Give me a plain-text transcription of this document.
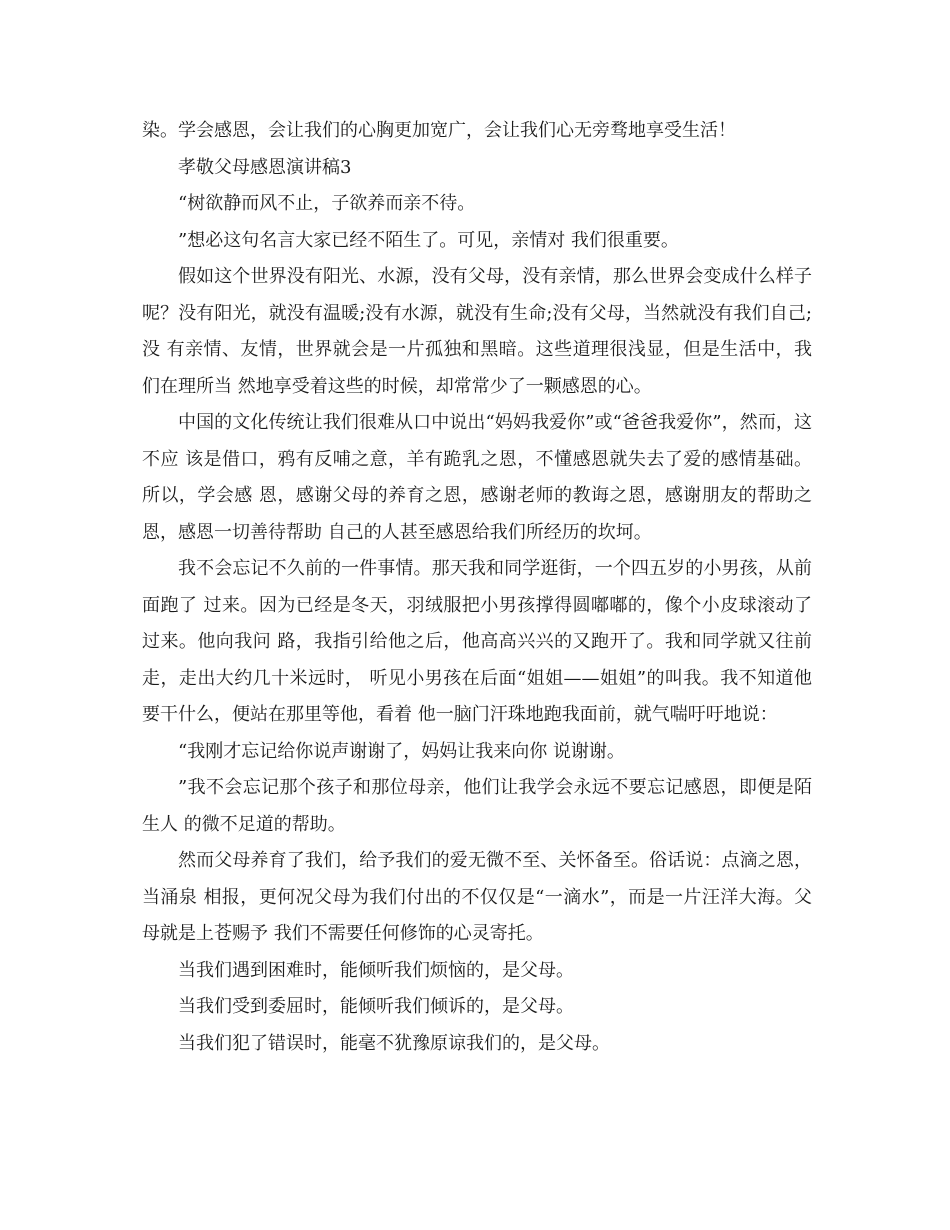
染。学会感恩，会让我们的心胸更加宽广，会让我们心无旁骛地享受生活！

孝敬父母感恩演讲稿3

“树欲静而风不止，子欲养而亲不待。

”想必这句名言大家已经不陌生了。可见，亲情对 我们很重要。

假如这个世界没有阳光、水源，没有父母，没有亲情，那么世界会变成什么样子呢？没有阳光，就没有温暖;没有水源，就没有生命;没有父母，当然就没有我们自己;没 有亲情、友情，世界就会是一片孤独和黑暗。这些道理很浅显，但是生活中，我们在理所当 然地享受着这些的时候，却常常少了一颗感恩的心。

中国的文化传统让我们很难从口中说出“妈妈我爱你”或“爸爸我爱你”，然而，这不应 该是借口，鸦有反哺之意，羊有跪乳之恩，不懂感恩就失去了爱的感情基础。所以，学会感 恩，感谢父母的养育之恩，感谢老师的教诲之恩，感谢朋友的帮助之恩，感恩一切善待帮助 自己的人甚至感恩给我们所经历的坎坷。

我不会忘记不久前的一件事情。那天我和同学逛街，一个四五岁的小男孩，从前面跑了 过来。因为已经是冬天，羽绒服把小男孩撑得圆嘟嘟的，像个小皮球滚动了过来。他向我问 路，我指引给他之后，他高高兴兴的又跑开了。我和同学就又往前走，走出大约几十米远时， 听见小男孩在后面“姐姐——姐姐”的叫我。我不知道他要干什么，便站在那里等他，看着 他一脑门汗珠地跑我面前，就气喘吁吁地说：

“我刚才忘记给你说声谢谢了，妈妈让我来向你 说谢谢。

”我不会忘记那个孩子和那位母亲，他们让我学会永远不要忘记感恩，即便是陌生人 的微不足道的帮助。

然而父母养育了我们，给予我们的爱无微不至、关怀备至。俗话说：点滴之恩，当涌泉 相报，更何况父母为我们付出的不仅仅是“一滴水”，而是一片汪洋大海。父母就是上苍赐予 我们不需要任何修饰的心灵寄托。

当我们遇到困难时，能倾听我们烦恼的，是父母。

当我们受到委屈时，能倾听我们倾诉的，是父母。

当我们犯了错误时，能毫不犹豫原谅我们的，是父母。
